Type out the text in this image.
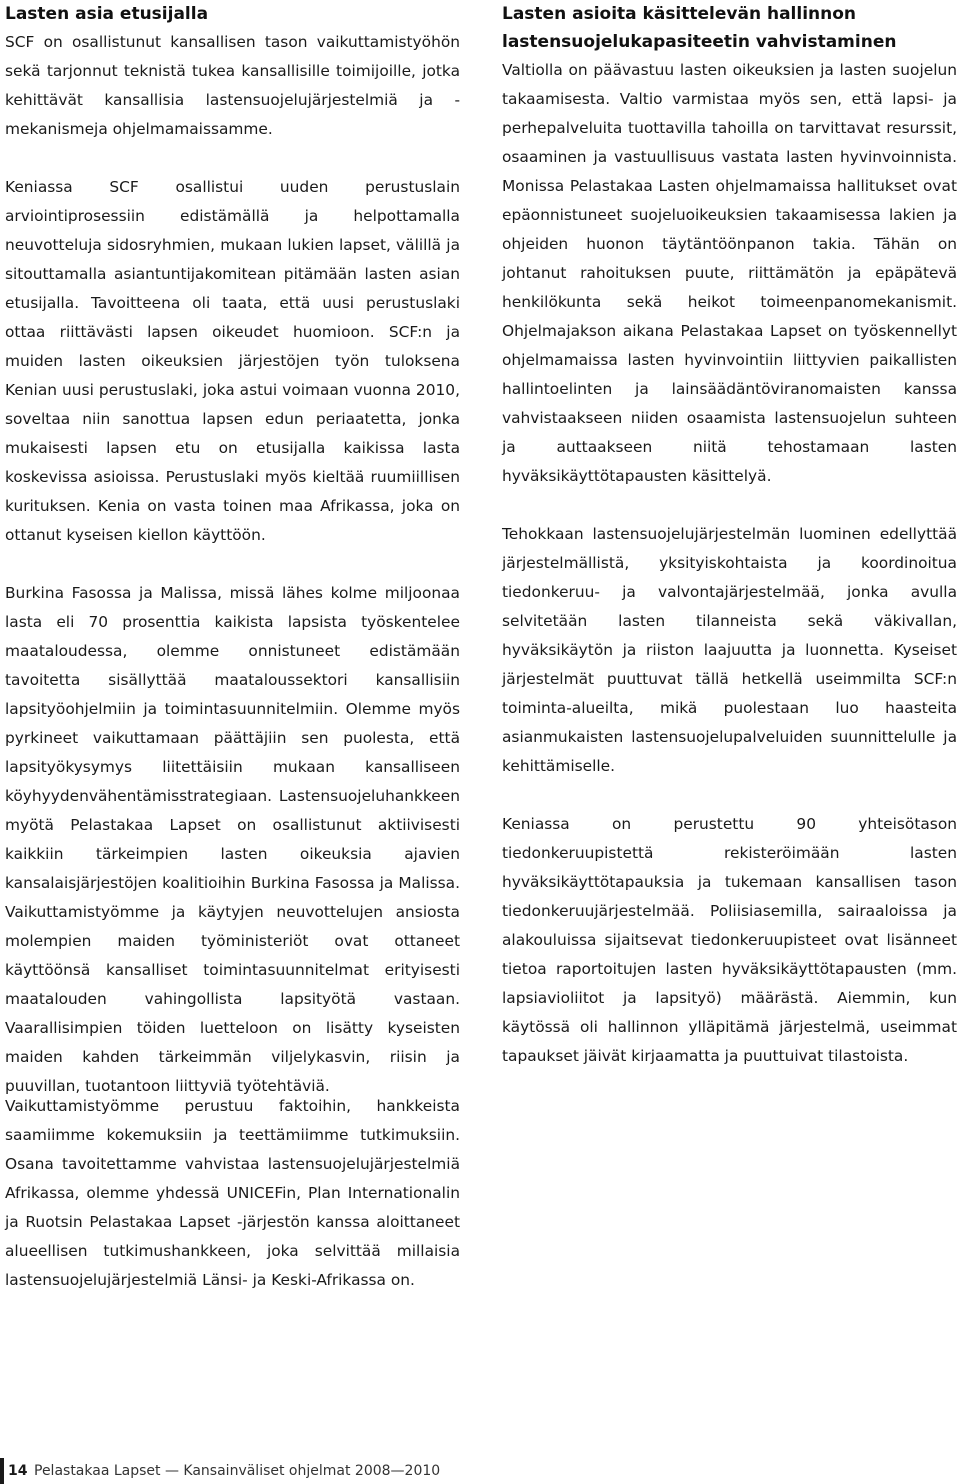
Lasten asia etusijalla

SCF on osallistunut kansallisen tason vaikuttamistyöhön sekä tarjonnut teknistä tukea kansallisille toimijoille, jotka kehittävät kansallisia lastensuojelujärjestelmiä ja -mekanismeja ohjelmamaissamme.

Keniassa SCF osallistui uuden perustuslain arviointiprosessiin edistämällä ja helpottamalla neuvotteluja sidosryhmien, mukaan lukien lapset, välillä ja sitouttamalla asiantuntijakomitean pitämään lasten asian etusijalla. Tavoitteena oli taata, että uusi perustuslaki ottaa riittävästi lapsen oikeudet huomioon. SCF:n ja muiden lasten oikeuksien järjestöjen työn tuloksena Kenian uusi perustuslaki, joka astui voimaan vuonna 2010, soveltaa niin sanottua lapsen edun periaatetta, jonka mukaisesti lapsen etu on etusijalla kaikissa lasta koskevissa asioissa. Perustuslaki myös kieltää ruumiillisen kurituksen. Kenia on vasta toinen maa Afrikassa, joka on ottanut kyseisen kiellon käyttöön.

Burkina Fasossa ja Malissa, missä lähes kolme miljoonaa lasta eli 70 prosenttia kaikista lapsista työskentelee maataloudessa, olemme onnistuneet edistämään tavoitetta sisällyttää maataloussektori kansallisiin lapsityöohjelmiin ja toimintasuunnitelmiin. Olemme myös pyrkineet vaikuttamaan päättäjiin sen puolesta, että lapsityökysymys liitettäisiin mukaan kansalliseen köyhyydenvähentämisstrategiaan. Lastensuojeluhankkeen myötä Pelastakaa Lapset on osallistunut aktiivisesti kaikkiin tärkeimpien lasten oikeuksia ajavien kansalaisjärjestöjen koalitioihin Burkina Fasossa ja Malissa. Vaikuttamistyömme ja käytyjen neuvottelujen ansiosta molempien maiden työministeriöt ovat ottaneet käyttöönsä kansalliset toimintasuunnitelmat erityisesti maatalouden vahingollista lapsityötä vastaan. Vaarallisimpien töiden luetteloon on lisätty kyseisten maiden kahden tärkeimmän viljelykasvin, riisin ja puuvillan, tuotantoon liittyviä työtehtäviä.

Vaikuttamistyömme perustuu faktoihin, hankkeista saamiimme kokemuksiin ja teettämiimme tutkimuksiin. Osana tavoitettamme vahvistaa lastensuojelujärjestelmiä Afrikassa, olemme yhdessä UNICEFin, Plan Internationalin ja Ruotsin Pelastakaa Lapset -järjestön kanssa aloittaneet alueellisen tutkimushankkeen, joka selvittää millaisia lastensuojelujärjestelmiä Länsi- ja Keski-Afrikassa on.

Lasten asioita käsittelevän hallinnon lastensuojelukapasiteetin vahvistaminen

Valtiolla on päävastuu lasten oikeuksien ja lasten suojelun takaamisesta. Valtio varmistaa myös sen, että lapsi- ja perhepalveluita tuottavilla tahoilla on tarvittavat resurssit, osaaminen ja vastuullisuus vastata lasten hyvinvoinnista. Monissa Pelastakaa Lasten ohjelmamaissa hallitukset ovat epäonnistuneet suojeluoikeuksien takaamisessa lakien ja ohjeiden huonon täytäntöönpanon takia. Tähän on johtanut rahoituksen puute, riittämätön ja epäpätevä henkilökunta sekä heikot toimeenpanomekanismit. Ohjelmajakson aikana Pelastakaa Lapset on työskennellyt ohjelmamaissa lasten hyvinvointiin liittyvien paikallisten hallintoelinten ja lainsäädäntöviranomaisten kanssa vahvistaakseen niiden osaamista lastensuojelun suhteen ja auttaakseen niitä tehostamaan lasten hyväksikäyttötapausten käsittelyä.

Tehokkaan lastensuojelujärjestelmän luominen edellyttää järjestelmällistä, yksityiskohtaista ja koordinoitua tiedonkeruu- ja valvontajärjestelmää, jonka avulla selvitetään lasten tilanneista sekä väkivallan, hyväksikäytön ja riiston laajuutta ja luonnetta. Kyseiset järjestelmät puuttuvat tällä hetkellä useimmilta SCF:n toiminta-alueilta, mikä puolestaan luo haasteita asianmukaisten lastensuojelupalveluiden suunnittelulle ja kehittämiselle.

Keniassa on perustettu 90 yhteisötason tiedonkeruupistettä rekisteröimään lasten hyväksikäyttötapauksia ja tukemaan kansallisen tason tiedonkeruujärjestelmää. Poliisiasemilla, sairaaloissa ja alakouluissa sijaitsevat tiedonkeruupisteet ovat lisänneet tietoa raportoitujen lasten hyväksikäyttötapausten (mm. lapsiavioliitot ja lapsityö) määrästä. Aiemmin, kun käytössä oli hallinnon ylläpitämä järjestelmä, useimmat tapaukset jäivät kirjaamatta ja puuttuivat tilastoista.

14 Pelastakaa Lapset — Kansainväliset ohjelmat 2008—2010
